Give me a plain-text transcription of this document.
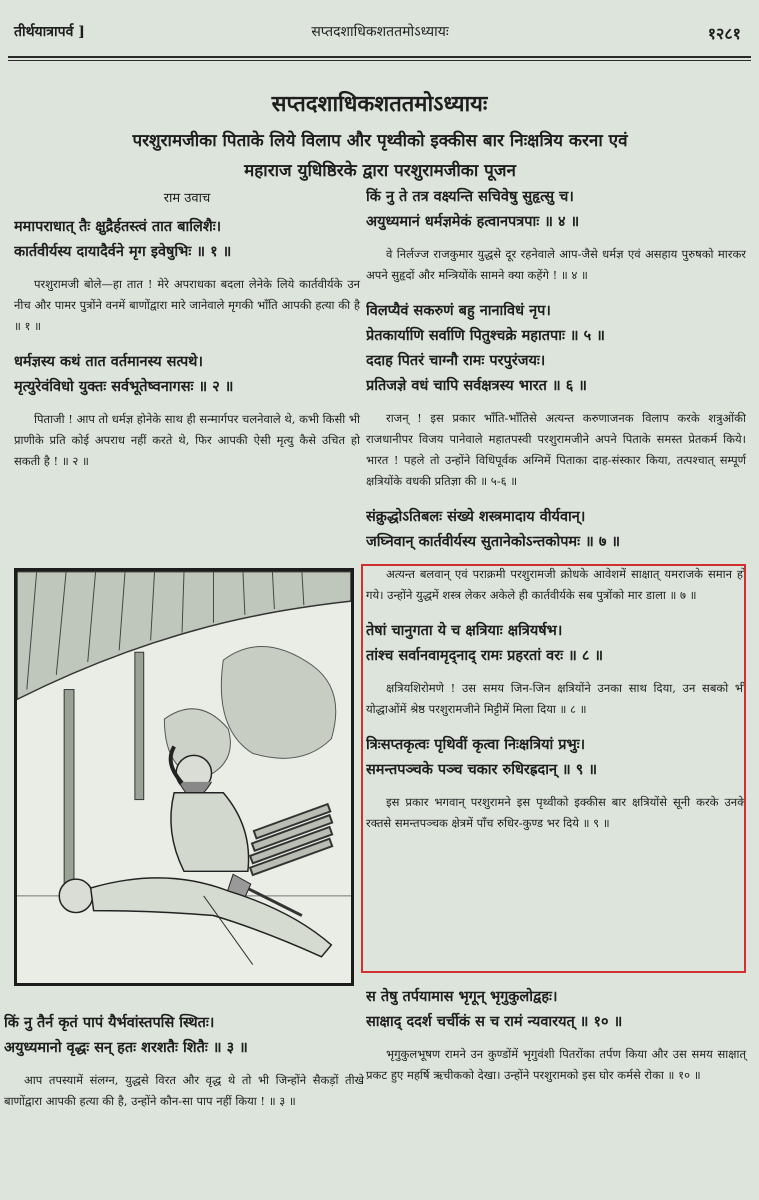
तीर्थयात्रापर्व ]	सप्तदशाधिकशततमोऽध्यायः	१२८१
सप्तदशाधिकशततमोऽध्यायः
परशुरामजीका पिताके लिये विलाप और पृथ्वीको इक्कीस बार निःक्षत्रिय करना एवं
महाराज युधिष्ठिरके द्वारा परशुरामजीका पूजन
राम उवाच
ममापराधात् तैः क्षुद्रैर्हतस्त्वं तात बालिशैः।
कार्तवीर्यस्य दायादैर्वने मृग इवेषुभिः ॥ १ ॥
परशुरामजी बोले—हा तात ! मेरे अपराधका बदला लेनेके लिये कार्तवीर्यके उन नीच और पामर पुत्रोंने वनमें बाणोंद्वारा मारे जानेवाले मृगकी भाँति आपकी हत्या की है ॥ १ ॥
धर्मज्ञस्य कथं तात वर्तमानस्य सत्पथे।
मृत्युरेवंविधो युक्तः सर्वभूतेष्वनागसः ॥ २ ॥
पिताजी ! आप तो धर्मज्ञ होनेके साथ ही सन्मार्गपर चलनेवाले थे, कभी किसी भी प्राणीके प्रति कोई अपराध नहीं करते थे, फिर आपकी ऐसी मृत्यु कैसे उचित हो सकती है ! ॥ २ ॥
किं नु तैर्न कृतं पापं यैर्भवांस्तपसि स्थितः।
अयुध्यमानो वृद्धः सन् हतः शरशतैः शितैः ॥ ३ ॥
आप तपस्यामें संलग्न, युद्धसे विरत और वृद्ध थे तो भी जिन्होंने सैकड़ों तीखे बाणोंद्वारा आपकी हत्या की है, उन्होंने कौन-सा पाप नहीं किया ! ॥ ३ ॥
किं नु ते तत्र वक्ष्यन्ति सचिवेषु सुहृत्सु च।
अयुध्यमानं धर्मज्ञमेकं हत्वानपत्रपाः ॥ ४ ॥
वे निर्लज्ज राजकुमार युद्धसे दूर रहनेवाले आप-जैसे धर्मज्ञ एवं असहाय पुरुषको मारकर अपने सुहृदों और मन्त्रियोंके सामने क्या कहेंगे ! ॥ ४ ॥
विलप्यैवं सकरुणं बहु नानाविधं नृप।
प्रेतकार्याणि सर्वाणि पितुश्चक्रे महातपाः ॥ ५ ॥
ददाह पितरं चाग्नौ रामः परपुरंजयः।
प्रतिजज्ञे वधं चापि सर्वक्षत्रस्य भारत ॥ ६ ॥
राजन् ! इस प्रकार भाँति-भाँतिसे अत्यन्त करुणाजनक विलाप करके शत्रुओंकी राजधानीपर विजय पानेवाले महातपस्वी परशुरामजीने अपने पिताके समस्त प्रेतकर्म किये। भारत ! पहले तो उन्होंने विधिपूर्वक अग्निमें पिताका दाह-संस्कार किया, तत्पश्चात् सम्पूर्ण क्षत्रियोंके वधकी प्रतिज्ञा की ॥ ५-६ ॥
संक्रुद्धोऽतिबलः संख्ये शस्त्रमादाय वीर्यवान्।
जघ्निवान् कार्तवीर्यस्य सुतानेकोऽन्तकोपमः ॥ ७ ॥
अत्यन्त बलवान् एवं पराक्रमी परशुरामजी क्रोधके आवेशमें साक्षात् यमराजके समान हो गये। उन्होंने युद्धमें शस्त्र लेकर अकेले ही कार्तवीर्यके सब पुत्रोंको मार डाला ॥ ७ ॥
तेषां चानुगता ये च क्षत्रियाः क्षत्रियर्षभ।
तांश्च सर्वानवामृद्नाद् रामः प्रहरतां वरः ॥ ८ ॥
क्षत्रियशिरोमणे ! उस समय जिन-जिन क्षत्रियोंने उनका साथ दिया, उन सबको भी योद्धाओंमें श्रेष्ठ परशुरामजीने मिट्टीमें मिला दिया ॥ ८ ॥
त्रिःसप्तकृत्वः पृथिवीं कृत्वा निःक्षत्रियां प्रभुः।
समन्तपञ्चके पञ्च चकार रुधिरह्रदान् ॥ ९ ॥
इस प्रकार भगवान् परशुरामने इस पृथ्वीको इक्कीस बार क्षत्रियोंसे सूनी करके उनके रक्तसे समन्तपञ्चक क्षेत्रमें पाँच रुधिर-कुण्ड भर दिये ॥ ९ ॥
स तेषु तर्पयामास भृगून् भृगुकुलोद्वहः।
साक्षाद् ददर्श चर्चीकं स च रामं न्यवारयत् ॥ १० ॥
भृगुकुलभूषण रामने उन कुण्डोंमें भृगुवंशी पितरोंका तर्पण किया और उस समय साक्षात् प्रकट हुए महर्षि ऋचीकको देखा। उन्होंने परशुरामको इस घोर कर्मसे रोका ॥ १० ॥
